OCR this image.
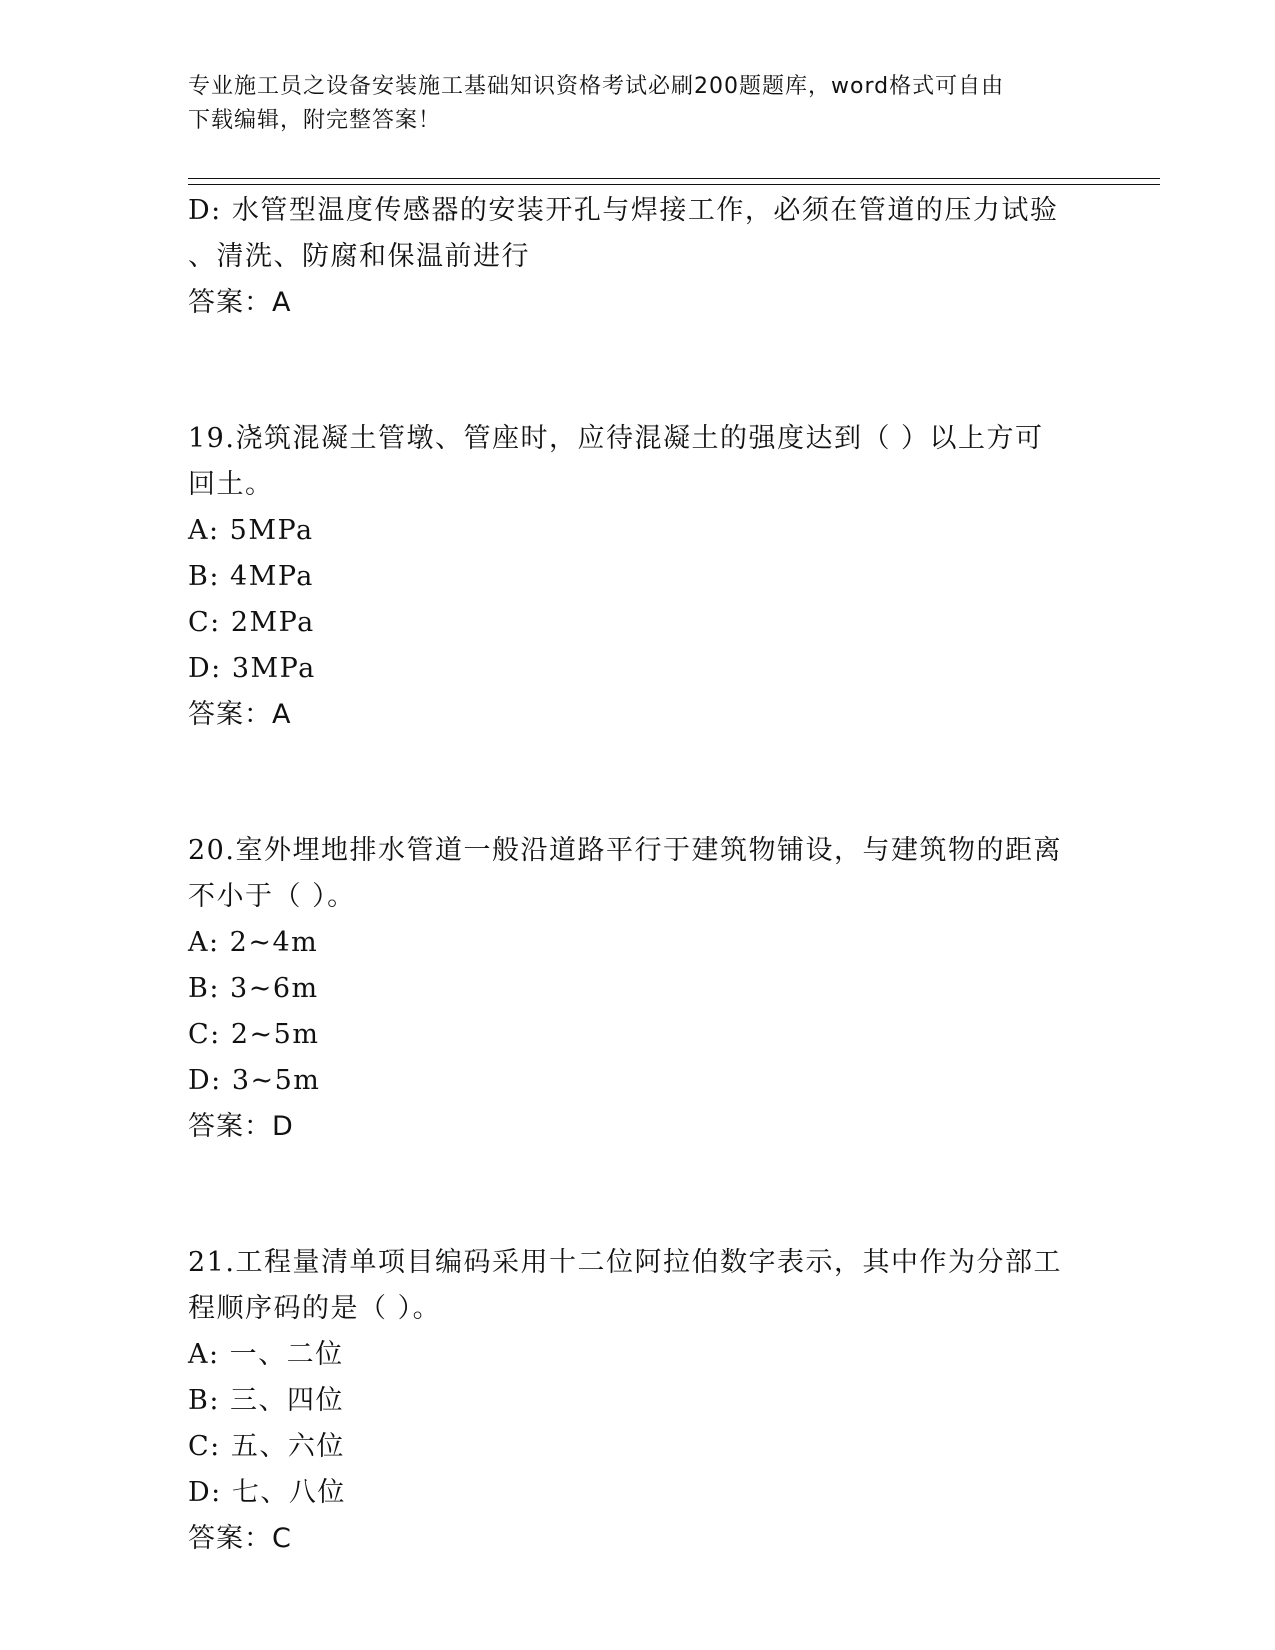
专业施工员之设备安装施工基础知识资格考试必刷200题题库，word格式可自由
下载编辑，附完整答案！
D: 水管型温度传感器的安装开孔与焊接工作，必须在管道的压力试验
、清洗、防腐和保温前进行
答案：A
19.浇筑混凝土管墩、管座时，应待混凝土的强度达到（ ）以上方可
回土。
A: 5MPa
B: 4MPa
C: 2MPa
D: 3MPa
答案：A
20.室外埋地排水管道一般沿道路平行于建筑物铺设，与建筑物的距离
不小于（ ）。
A: 2~4m
B: 3~6m
C: 2~5m
D: 3~5m
答案：D
21.工程量清单项目编码采用十二位阿拉伯数字表示，其中作为分部工
程顺序码的是（ ）。
A: 一、二位
B: 三、四位
C: 五、六位
D: 七、八位
答案：C
